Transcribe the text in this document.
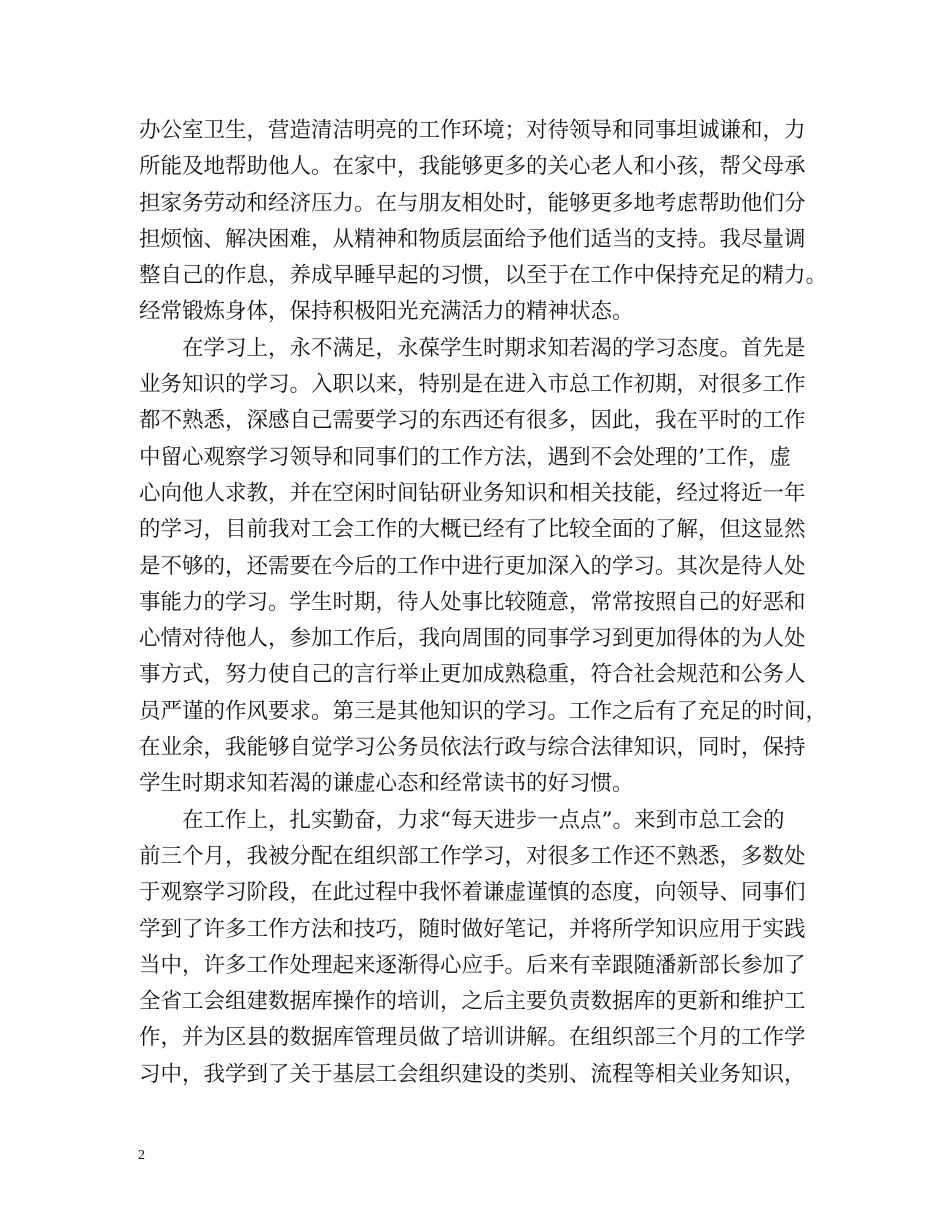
办公室卫生，营造清洁明亮的工作环境；对待领导和同事坦诚谦和，力
所能及地帮助他人。在家中，我能够更多的关心老人和小孩，帮父母承
担家务劳动和经济压力。在与朋友相处时，能够更多地考虑帮助他们分
担烦恼、解决困难，从精神和物质层面给予他们适当的支持。我尽量调
整自己的作息，养成早睡早起的习惯，以至于在工作中保持充足的精力。
经常锻炼身体，保持积极阳光充满活力的精神状态。

在学习上，永不满足，永葆学生时期求知若渴的学习态度。首先是
业务知识的学习。入职以来，特别是在进入市总工作初期，对很多工作
都不熟悉，深感自己需要学习的东西还有很多，因此，我在平时的工作
中留心观察学习领导和同事们的工作方法，遇到不会处理的’工作，虚
心向他人求教，并在空闲时间钻研业务知识和相关技能，经过将近一年
的学习，目前我对工会工作的大概已经有了比较全面的了解，但这显然
是不够的，还需要在今后的工作中进行更加深入的学习。其次是待人处
事能力的学习。学生时期，待人处事比较随意，常常按照自己的好恶和
心情对待他人，参加工作后，我向周围的同事学习到更加得体的为人处
事方式，努力使自己的言行举止更加成熟稳重，符合社会规范和公务人
员严谨的作风要求。第三是其他知识的学习。工作之后有了充足的时间，
在业余，我能够自觉学习公务员依法行政与综合法律知识，同时，保持
学生时期求知若渴的谦虚心态和经常读书的好习惯。

在工作上，扎实勤奋，力求“每天进步一点点”。来到市总工会的
前三个月，我被分配在组织部工作学习，对很多工作还不熟悉，多数处
于观察学习阶段，在此过程中我怀着谦虚谨慎的态度，向领导、同事们
学到了许多工作方法和技巧，随时做好笔记，并将所学知识应用于实践
当中，许多工作处理起来逐渐得心应手。后来有幸跟随潘新部长参加了
全省工会组建数据库操作的培训，之后主要负责数据库的更新和维护工
作，并为区县的数据库管理员做了培训讲解。在组织部三个月的工作学
习中，我学到了关于基层工会组织建设的类别、流程等相关业务知识，

2
